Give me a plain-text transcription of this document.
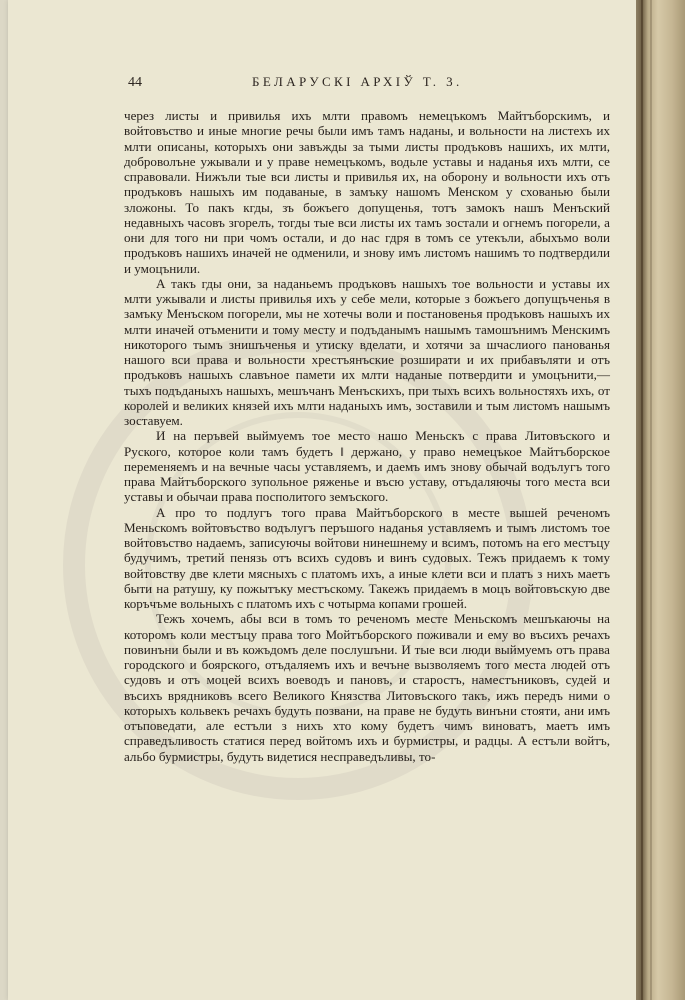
44	БЕЛАРУСКІ АРХІЎ Т. 3.

через листы и привилья ихъ млти правомъ немецъкомъ Майтъборскимъ, и войтовъство и иные многие речы были имъ тамъ наданы, и вольности на листехъ их млти описаны, которыхъ они завъжды за тыми листы продъковъ нашихъ, их млти, доброволъне ужывали и у праве немецъкомъ, водьле уставы и наданья ихъ млти, се справовали. Нижъли тые вси листы и привилья их, на оборону и вольности ихъ отъ продъковъ нашыхъ им подаваные, в замъку нашомъ Менском у схованью были зложоны. То пакъ кгды, зъ божъего допущенья, тотъ замокъ нашъ Менъский недавныхъ часовъ згорелъ, тогды тые вси листы их тамъ зостали и огнемъ погорели, а они для того ни при чомъ остали, и до нас гдря в томъ се утекъли, абыхъмо воли продъковъ нашихъ иначей не одменили, и знову имъ листомъ нашимъ то подтвердили и умоцънили.

А такъ гды они, за наданьемъ продъковъ нашыхъ тое вольности и уставы их млти ужывали и листы привилья ихъ у себе мели, которые з божъего допущъченья в замъку Менъском погорели, мы не хотечы воли и постановенья продъковъ нашыхъ их млти иначей отъменити и тому месту и подъданымъ нашымъ тамошънимъ Менскимъ никоторого тымъ знишъченья и утиску вделати, и хотячи за шчаслиого панованья нашого вси права и вольности хрестъянъские розширати и их прибавъляти и отъ продъковъ нашыхъ славъное памети их млти наданые потвердити и умоцънити,—тыхъ подъданыхъ нашыхъ, мешъчанъ Менъскихъ, при тыхъ всихъ вольностяхъ ихъ, от королей и великих князей ихъ млти наданыхъ имъ, зоставили и тым листомъ нашымъ зоставуем.

И на перъвей выймуемъ тое место нашо Меньскъ с права Литовъского и Руского, которое коли тамъ будетъ ‖ держано, у право немецъкое Майтъборское переменяемъ и на вечные часы уставляемъ, и даемъ имъ знову обычай водълугъ того права Майтъборского зупольное ряженье и въсю уставу, отъдаляючы того места вси уставы и обычаи права посполитого земъского.

А про то подлугъ того права Майтъборского в месте вышей реченомъ Меньскомъ войтовъство водълугъ перъшого наданья уставляемъ и тымъ листомъ тое войтовъство надаемъ, записуючы войтови нинешнему и всимъ, потомъ на его местъцу будучимъ, третий пенязь отъ всихъ судовъ и винъ судовых. Тежъ придаемъ к тому войтовству две клети мясныхъ с платомъ ихъ, а иные клети вси и платъ з нихъ маетъ быти на ратушу, ку пожытъку местъскому. Такежъ придаемъ в моцъ войтовъскую две коръчъме вольныхъ с платомъ ихъ с чотырма копами грошей.

Тежъ хочемъ, абы вси в томъ то реченомъ месте Меньскомъ мешъкаючы на которомъ коли местъцу права того Мойтъборского поживали и ему во въсихъ речахъ повинъни были и въ кожъдомъ деле послушъни. И тые вси люди выймуемъ отъ права городского и боярского, отъдаляемъ ихъ и вечъне вызволяемъ того места людей отъ судовъ и отъ моцей всихъ воеводъ и пановъ, и старостъ, наместъниковъ, судей и въсихъ врядниковъ всего Великого Князства Литовъского такъ, ижъ передъ ними о которыхъ кольвекъ речахъ будуть позвани, на праве не будуть винъни стояти, ани имъ отъповедати, але естъли з нихъ хто кому будетъ чимъ виноватъ, маетъ имъ справедъливость статися перед войтомъ ихъ и бурмистры, и радцы. А естъли войтъ, альбо бурмистры, будуть видетися несправедъливы, то-
